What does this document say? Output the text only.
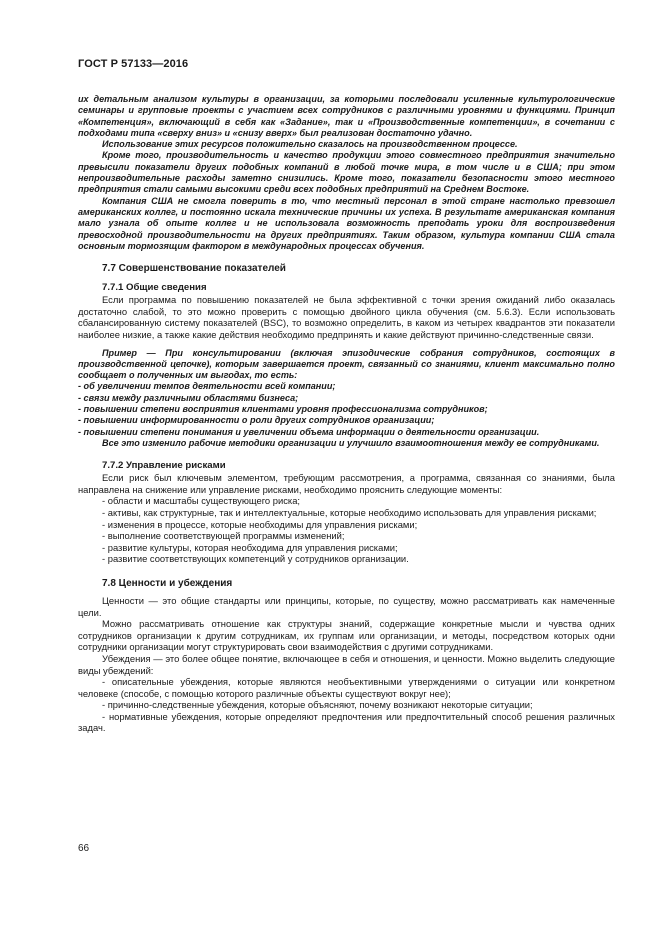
ГОСТ Р 57133—2016

их детальным анализом культуры в организации, за которыми последовали усиленные культурологические семинары и групповые проекты с участием всех сотрудников с различными уровнями и функциями. Принцип «Компетенция», включающий в себя как «Задание», так и «Производственные компетенции», в сочетании с подходами типа «сверху вниз» и «снизу вверх» был реализован достаточно удачно.

Использование этих ресурсов положительно сказалось на производственном процессе.

Кроме того, производительность и качество продукции этого совместного предприятия значительно превысили показатели других подобных компаний в любой точке мира, в том числе и в США; при этом непроизводительные расходы заметно снизились. Кроме того, показатели безопасности этого местного предприятия стали самыми высокими среди всех подобных предприятий на Среднем Востоке.

Компания США не смогла поверить в то, что местный персонал в этой стране настолько превзошел американских коллег, и постоянно искала технические причины их успеха. В результате американская компания мало узнала об опыте коллег и не использовала возможность преподать уроки для воспроизведения превосходной производительности на других предприятиях. Таким образом, культура компании США стала основным тормозящим фактором в международных процессах обучения.

7.7 Совершенствование показателей
7.7.1 Общие сведения

Если программа по повышению показателей не была эффективной с точки зрения ожиданий либо оказалась достаточно слабой, то это можно проверить с помощью двойного цикла обучения (см. 5.6.3). Если использовать сбалансированную систему показателей (BSC), то возможно определить, в каком из четырех квадрантов эти показатели наиболее низкие, а также какие действия необходимо предпринять и какие действуют причинно-следственные связи.

Пример — При консультировании (включая эпизодические собрания сотрудников, состоящих в производственной цепочке), которым завершается проект, связанный со знаниями, клиент максимально полно сообщает о полученных им выгодах, то есть:

- об увеличении темпов деятельности всей компании;

- связи между различными областями бизнеса;

- повышении степени восприятия клиентами уровня профессионализма сотрудников;

- повышении информированности о роли других сотрудников организации;

- повышении степени понимания и увеличении объема информации о деятельности организации.

Все это изменило рабочие методики организации и улучшило взаимоотношения между ее сотрудниками.

7.7.2 Управление рисками

Если риск был ключевым элементом, требующим рассмотрения, а программа, связанная со знаниями, была направлена на снижение или управление рисками, необходимо прояснить следующие моменты:

- области и масштабы существующего риска;

- активы, как структурные, так и интеллектуальные, которые необходимо использовать для управления рисками;

- изменения в процессе, которые необходимы для управления рисками;

- выполнение соответствующей программы изменений;

- развитие культуры, которая необходима для управления рисками;

- развитие соответствующих компетенций у сотрудников организации.

7.8 Ценности и убеждения

Ценности — это общие стандарты или принципы, которые, по существу, можно рассматривать как намеченные цели.

Можно рассматривать отношение как структуры знаний, содержащие конкретные мысли и чувства одних сотрудников организации к другим сотрудникам, их группам или организации, и методы, посредством которых одни сотрудники организации могут структурировать свои взаимодействия с другими сотрудниками.

Убеждения — это более общее понятие, включающее в себя и отношения, и ценности. Можно выделить следующие виды убеждений:

- описательные убеждения, которые являются необъективными утверждениями о ситуации или конкретном человеке (способе, с помощью которого различные объекты существуют вокруг нее);

- причинно-следственные убеждения, которые объясняют, почему возникают некоторые ситуации;

- нормативные убеждения, которые определяют предпочтения или предпочтительный способ решения различных задач.

66
